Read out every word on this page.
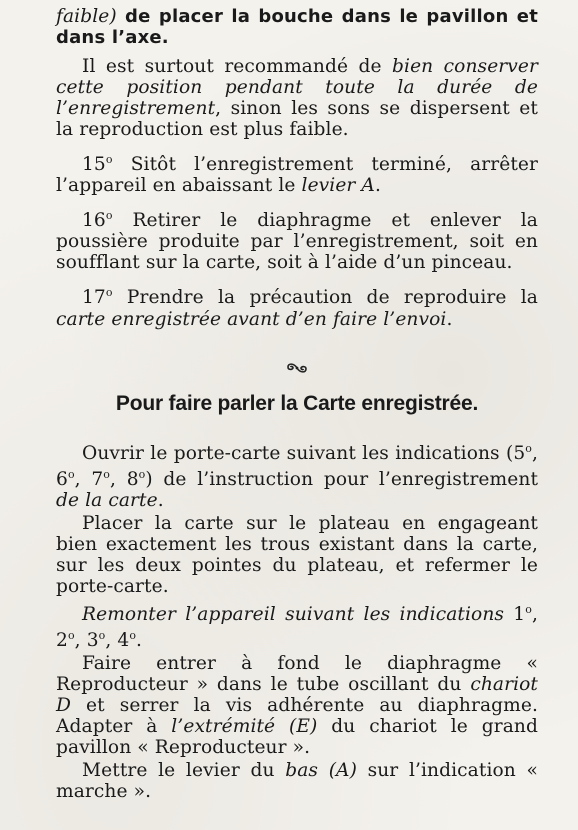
faible) de placer la bouche dans le pavillon et dans l’axe.

Il est surtout recommandé de bien conserver cette position pendant toute la durée de l’enregistrement, sinon les sons se dispersent et la reproduction est plus faible.

15$^o$ Sitôt l’enregistrement terminé, arrêter l’appareil en abaissant le levier A.

16$^o$ Retirer le diaphragme et enlever la poussière produite par l’enregistrement, soit en soufflant sur la carte, soit à l’aide d’un pinceau.

17$^o$ Prendre la précaution de reproduire la carte enregistrée avant d’en faire l’envoi.

Pour faire parler la Carte enregistrée.

Ouvrir le porte-carte suivant les indications (5$^o$, 6$^o$, 7$^o$, 8$^o$) de l’instruction pour l’enregistrement de la carte.

Placer la carte sur le plateau en engageant bien exactement les trous existant dans la carte, sur les deux pointes du plateau, et refermer le porte-carte.

Remonter l’appareil suivant les indications 1$^o$, 2$^o$, 3$^o$, 4$^o$.

Faire entrer à fond le diaphragme « Reproducteur » dans le tube oscillant du chariot D et serrer la vis adhérente au diaphragme. Adapter à l’extrémité (E) du chariot le grand pavillon « Reproducteur ».

Mettre le levier du bas (A) sur l’indication « marche ».
